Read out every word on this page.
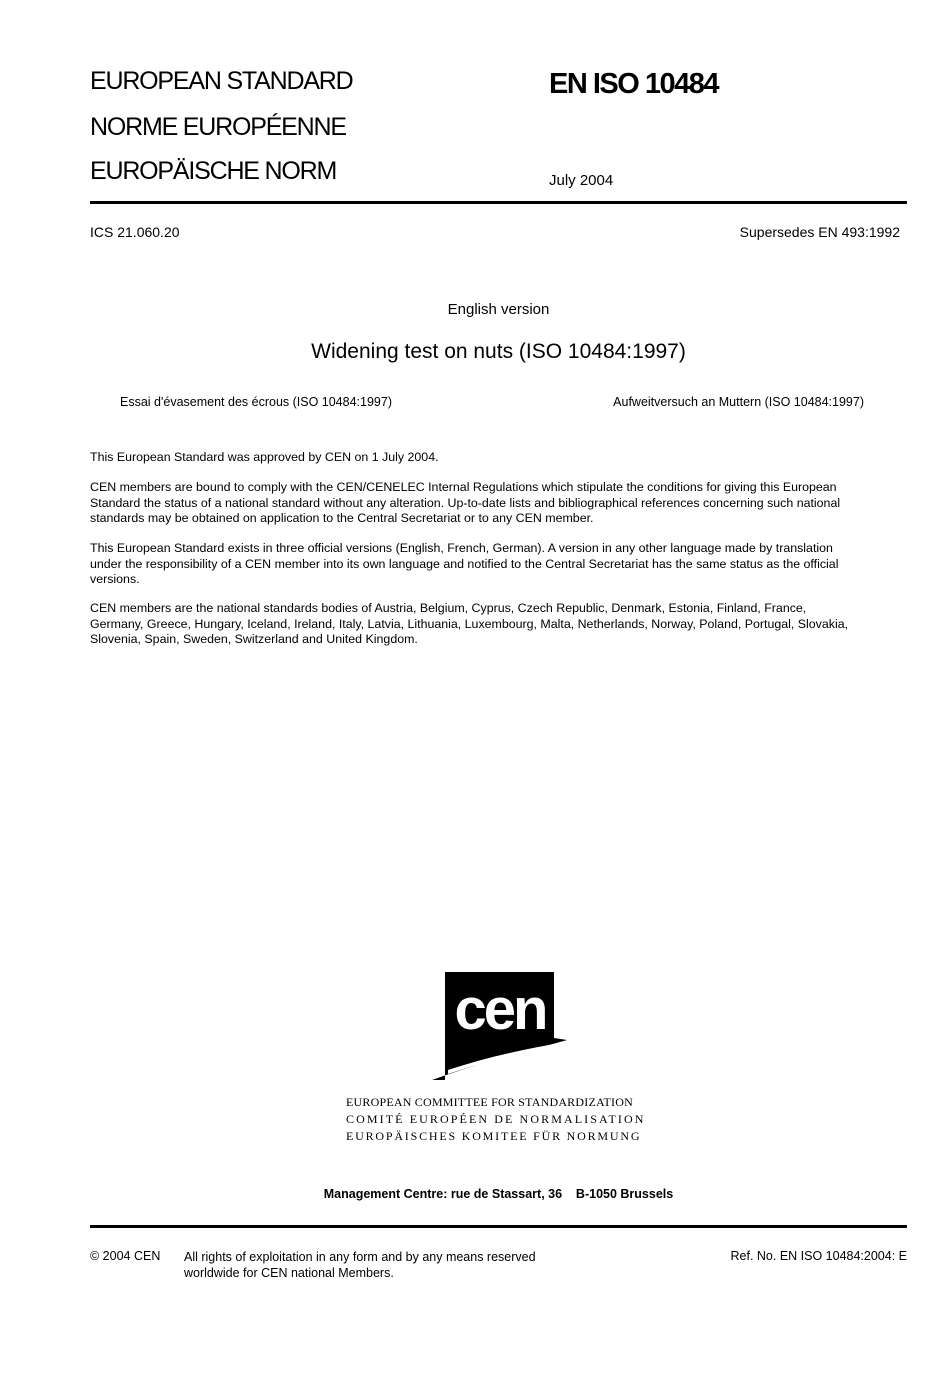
EUROPEAN STANDARD
NORME EUROPÉENNE
EUROPÄISCHE NORM
EN ISO 10484
July 2004
ICS 21.060.20	Supersedes EN 493:1992
English version
Widening test on nuts (ISO 10484:1997)
Essai d'évasement des écrous (ISO 10484:1997)	Aufweitversuch an Muttern (ISO 10484:1997)
This European Standard was approved by CEN on 1 July 2004.
CEN members are bound to comply with the CEN/CENELEC Internal Regulations which stipulate the conditions for giving this European
Standard the status of a national standard without any alteration. Up-to-date lists and bibliographical references concerning such national
standards may be obtained on application to the Central Secretariat or to any CEN member.
This European Standard exists in three official versions (English, French, German). A version in any other language made by translation
under the responsibility of a CEN member into its own language and notified to the Central Secretariat has the same status as the official
versions.
CEN members are the national standards bodies of Austria, Belgium, Cyprus, Czech Republic, Denmark, Estonia, Finland, France,
Germany, Greece, Hungary, Iceland, Ireland, Italy, Latvia, Lithuania, Luxembourg, Malta, Netherlands, Norway, Poland, Portugal, Slovakia,
Slovenia, Spain, Sweden, Switzerland and United Kingdom.
cen
EUROPEAN COMMITTEE FOR STANDARDIZATION
COMITÉ EUROPÉEN DE NORMALISATION
EUROPÄISCHES KOMITEE FÜR NORMUNG
Management Centre: rue de Stassart, 36    B-1050 Brussels
© 2004 CEN All rights of exploitation in any form and by any means reserved
worldwide for CEN national Members.
Ref. No. EN ISO 10484:2004: E
